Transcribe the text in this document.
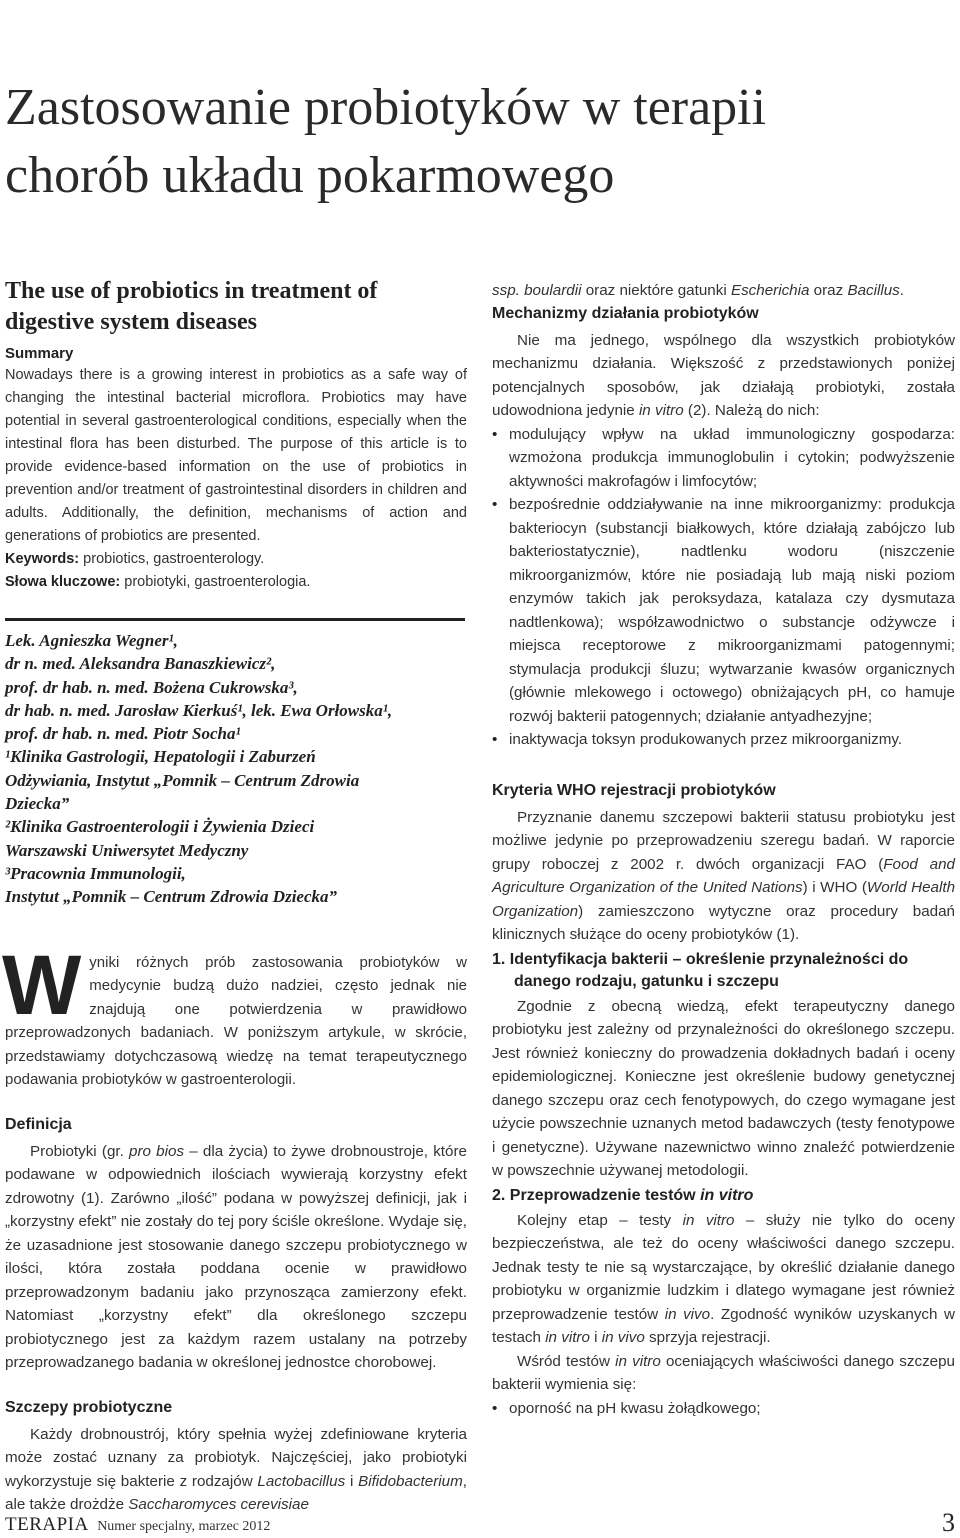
Zastosowanie probiotyków w terapii
chorób układu pokarmowego
The use of probiotics in treatment of
digestive system diseases
Summary
Nowadays there is a growing interest in probiotics as a safe way of changing the intestinal bacterial microflora. Probiotics may have potential in several gastroenterological conditions, especially when the intestinal flora has been disturbed. The purpose of this article is to provide evidence-based information on the use of probiotics in prevention and/or treatment of gastrointestinal disorders in children and adults. Additionally, the definition, mechanisms of action and generations of probiotics are presented.
Keywords: probiotics, gastroenterology.
Słowa kluczowe: probiotyki, gastroenterologia.

Lek. Agnieszka Wegner¹,

dr n. med. Aleksandra Banaszkiewicz²,

prof. dr hab. n. med. Bożena Cukrowska³,

dr hab. n. med. Jarosław Kierkuś¹, lek. Ewa Orłowska¹,

prof. dr hab. n. med. Piotr Socha¹

¹Klinika Gastrologii, Hepatologii i Zaburzeń

Odżywiania, Instytut „Pomnik – Centrum Zdrowia

Dziecka”

²Klinika Gastroenterologii i Żywienia Dzieci

Warszawski Uniwersytet Medyczny

³Pracownia Immunologii,

Instytut „Pomnik – Centrum Zdrowia Dziecka”

Wyniki różnych prób zastosowania probiotyków w medycynie budzą dużo nadziei, często jednak nie znajdują one potwierdzenia w prawidłowo przeprowadzonych badaniach. W poniższym artykule, w skrócie, przedstawiamy dotychczasową wiedzę na temat terapeutycznego podawania probiotyków w gastroenterologii.
Definicja

Probiotyki (gr. pro bios – dla życia) to żywe drobnoustroje, które podawane w odpowiednich ilościach wywierają korzystny efekt zdrowotny (1). Zarówno „ilość” podana w powyższej definicji, jak i „korzystny efekt” nie zostały do tej pory ściśle określone. Wydaje się, że uzasadnione jest stosowanie danego szczepu probiotycznego w ilości, która została poddana ocenie w prawidłowo przeprowadzonym badaniu jako przynosząca zamierzony efekt. Natomiast „korzystny efekt” dla określonego szczepu probiotycznego jest za każdym razem ustalany na potrzeby przeprowadzanego badania w określonej jednostce chorobowej.

Szczepy probiotyczne

Każdy drobnoustrój, który spełnia wyżej zdefiniowane kryteria może zostać uznany za probiotyk. Najczęściej, jako probiotyki wykorzystuje się bakterie z rodzajów Lactobacillus i Bifidobacterium, ale także drożdże Saccharomyces cerevisiae

ssp. boulardii oraz niektóre gatunki Escherichia oraz Bacillus.

Mechanizmy działania probiotyków

Nie ma jednego, wspólnego dla wszystkich probiotyków mechanizmu działania. Większość z przedstawionych poniżej potencjalnych sposobów, jak działają probiotyki, została udowodniona jedynie in vitro (2). Należą do nich:

• modulujący wpływ na układ immunologiczny gospodarza: wzmożona produkcja immunoglobulin i cytokin; podwyższenie aktywności makrofagów i limfocytów;
• bezpośrednie oddziaływanie na inne mikroorganizmy: produkcja bakteriocyn (substancji białkowych, które działają zabójczo lub bakteriostatycznie), nadtlenku wodoru (niszczenie mikroorganizmów, które nie posiadają lub mają niski poziom enzymów takich jak peroksydaza, katalaza czy dysmutaza nadtlenkowa); współzawodnictwo o substancje odżywcze i miejsca receptorowe z mikroorganizmami patogennymi; stymulacja produkcji śluzu; wytwarzanie kwasów organicznych (głównie mlekowego i octowego) obniżających pH, co hamuje rozwój bakterii patogennych; działanie antyadhezyjne;
• inaktywacja toksyn produkowanych przez mikroorganizmy.
Kryteria WHO rejestracji probiotyków

Przyznanie danemu szczepowi bakterii statusu probiotyku jest możliwe jedynie po przeprowadzeniu szeregu badań. W raporcie grupy roboczej z 2002 r. dwóch organizacji FAO (Food and Agriculture Organization of the United Nations) i WHO (World Health Organization) zamieszczono wytyczne oraz procedury badań klinicznych służące do oceny probiotyków (1).

1. Identyfikacja bakterii – określenie przynależności do danego rodzaju, gatunku i szczepu

Zgodnie z obecną wiedzą, efekt terapeutyczny danego probiotyku jest zależny od przynależności do określonego szczepu. Jest również konieczny do prowadzenia dokładnych badań i oceny epidemiologicznej. Konieczne jest określenie budowy genetycznej danego szczepu oraz cech fenotypowych, do czego wymagane jest użycie powszechnie uznanych metod badawczych (testy fenotypowe i genetyczne). Używane nazewnictwo winno znaleźć potwierdzenie w powszechnie używanej metodologii.

2. Przeprowadzenie testów in vitro

Kolejny etap – testy in vitro – służy nie tylko do oceny bezpieczeństwa, ale też do oceny właściwości danego szczepu. Jednak testy te nie są wystarczające, by określić działanie danego probiotyku w organizmie ludzkim i dlatego wymagane jest również przeprowadzenie testów in vivo. Zgodność wyników uzyskanych w testach in vitro i in vivo sprzyja rejestracji.

Wśród testów in vitro oceniających właściwości danego szczepu bakterii wymienia się:

• oporność na pH kwasu żołądkowego;
TERAPIA Numer specjalny, marzec 2012	3
